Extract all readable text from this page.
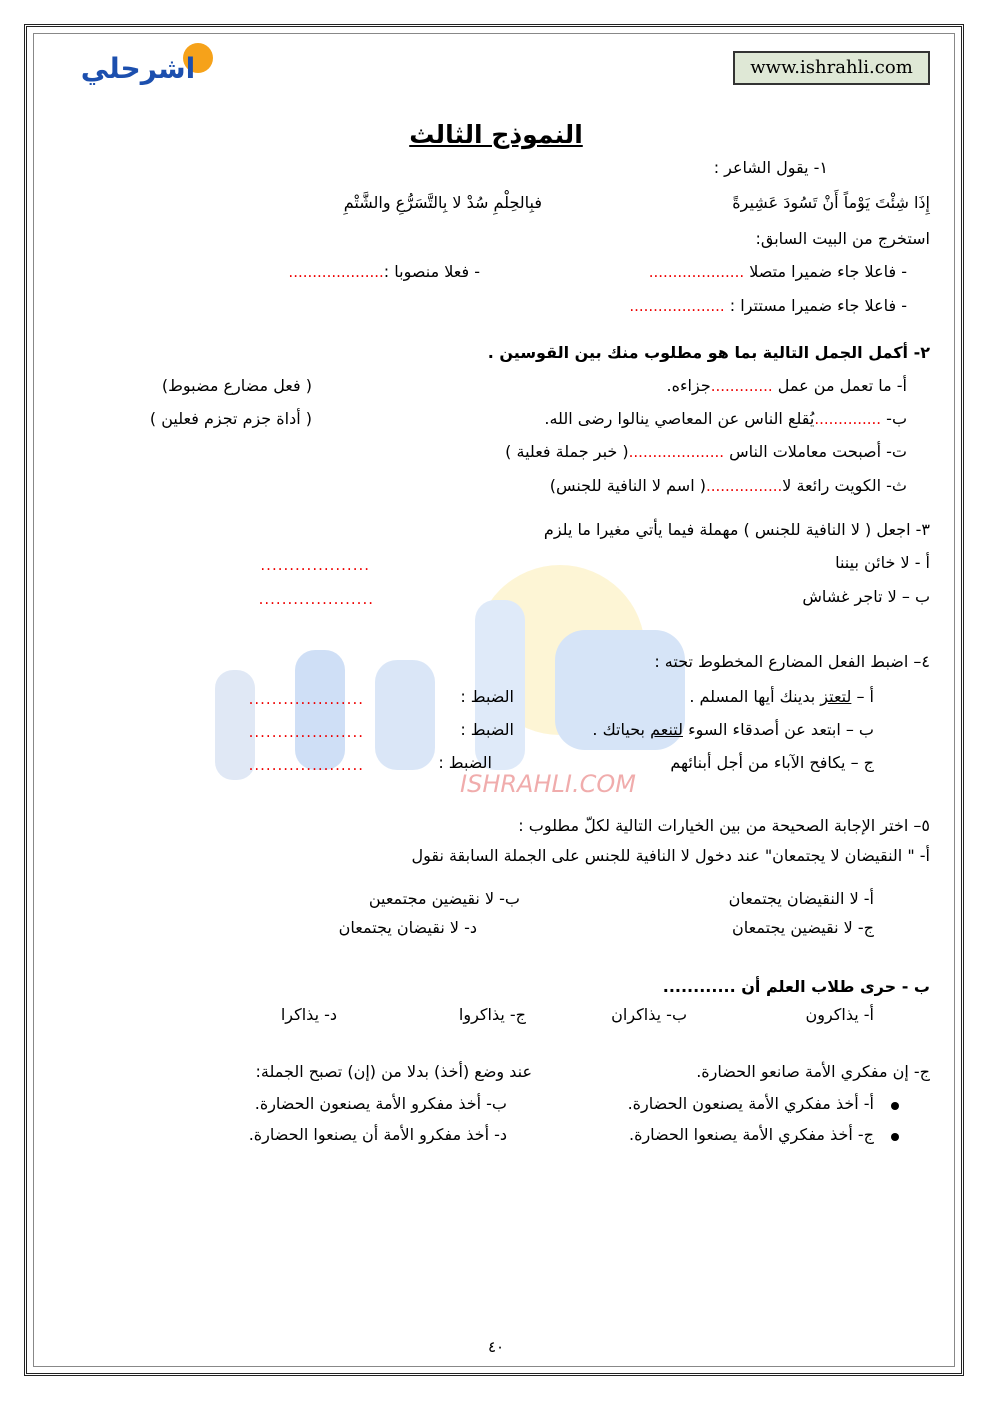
اشرحلي	www.ishrahli.com
ISHRAHLI.COM
النموذج الثالث
١- يقول الشاعر :
إِذَا شِئْتَ يَوْماً أَنْ تَسُودَ عَشِيرةً
فبِالحِلْمِ سُدْ لا بِالتَّسَرُّعِ والشَّتْمِ
استخرج من البيت السابق:
- فاعلا جاء ضميرا متصلا ....................
- فعلا منصوبا :....................
- فاعلا جاء ضميرا مستترا : ....................
٢- أكمل الجمل التالية بما هو مطلوب منك بين القوسين .
أ- ما تعمل من عمل .............جزاءه.
( فعل مضارع مضبوط)
ب- ..............يُقلع الناس عن المعاصي ينالوا رضى الله.
( أداة جزم تجزم فعلين )
ت- أصبحت معاملات الناس ....................( خبر جملة فعلية )
ث- الكويت رائعة لا................( اسم لا النافية للجنس)
٣- اجعل ( لا النافية للجنس ) مهملة فيما يأتي مغيرا ما يلزم
أ - لا خائن بيننا
...................
ب – لا تاجر غشاش
....................
٤– اضبط الفعل المضارع المخطوط تحته :
أ – لتعتز بدينك أيها المسلم .
ب – ابتعد عن أصدقاء السوء لتنعم بحياتك .
ج – يكافح الآباء من أجل أبنائهم
الضبط :
الضبط :
الضبط :
....................
....................
....................
٥– اختر الإجابة الصحيحة من بين الخيارات التالية لكلّ مطلوب :
أ- " النقيضان لا يجتمعان" عند دخول لا النافية للجنس على الجملة السابقة نقول
أ- لا النقيضان يجتمعان
ب- لا نقيضين مجتمعين
ج- لا نقيضين يجتمعان
د- لا نقيضان يجتمعان
ب - حرى طلاب العلم أن ............
أ- يذاكرون
ب- يذاكران
ج- يذاكروا
د- يذاكرا
ج- إن مفكري الأمة صانعو الحضارة.
عند وضع (أخذ) بدلا من (إن) تصبح الجملة:
أ- أخذ مفكري الأمة يصنعون الحضارة.
ب- أخذ مفكرو الأمة يصنعون الحضارة.
ج- أخذ مفكري الأمة يصنعوا الحضارة.
د- أخذ مفكرو الأمة أن يصنعوا الحضارة.
٤٠
